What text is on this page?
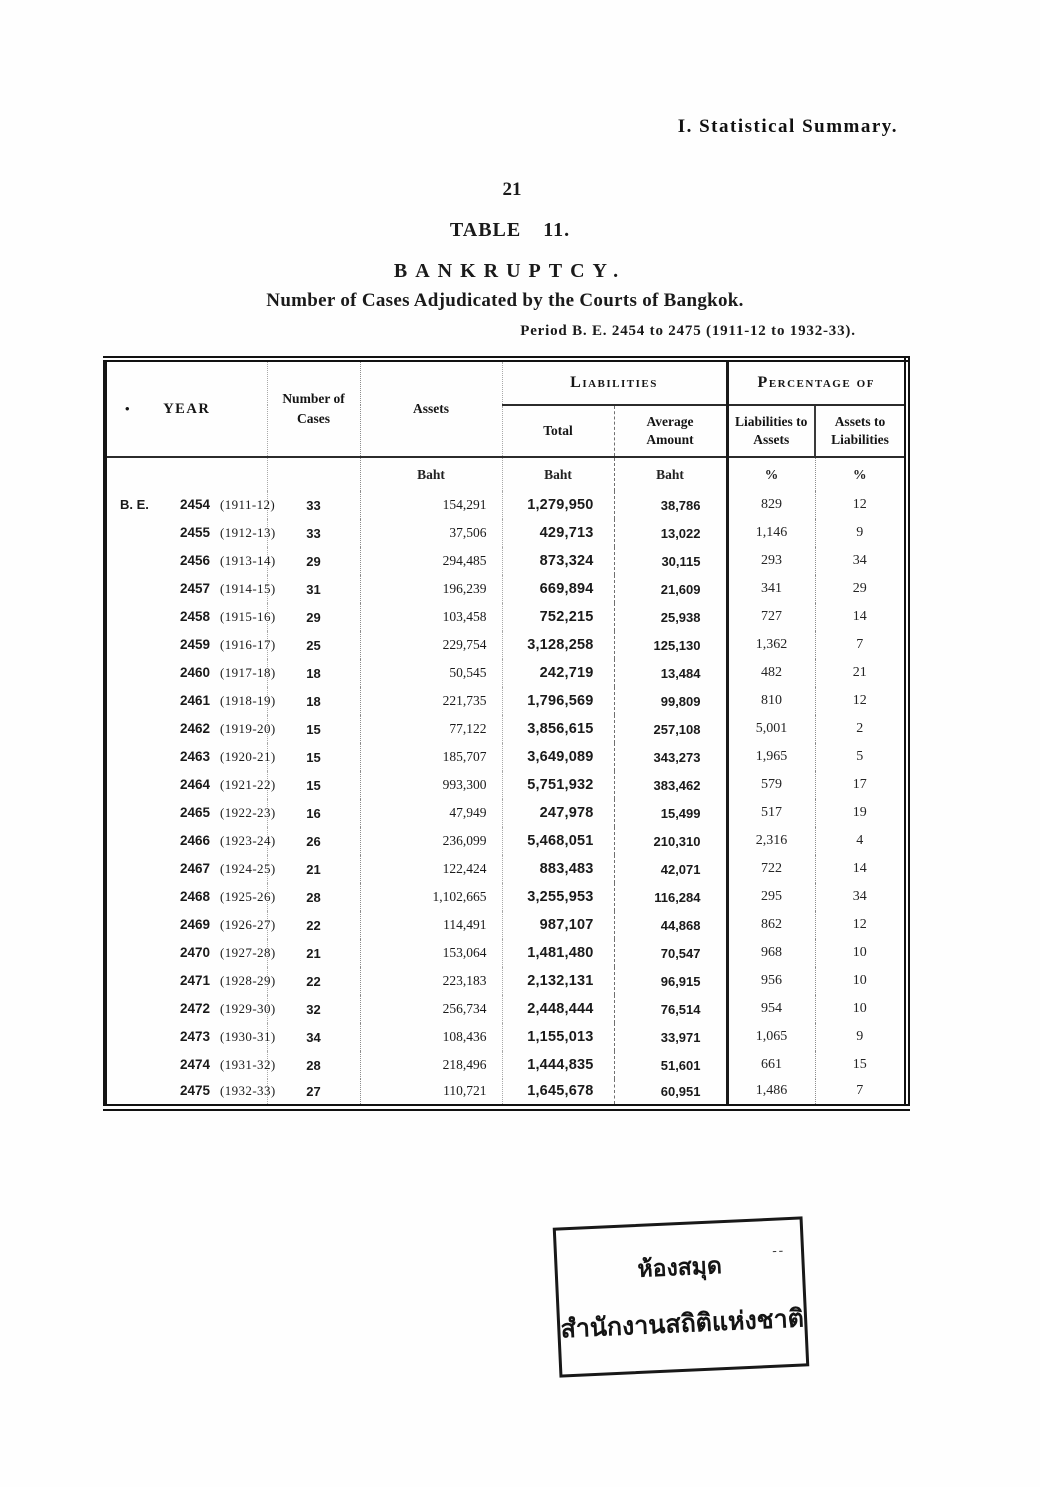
I. Statistical Summary.
21
TABLE 11.
BANKRUPTCY.
Number of Cases Adjudicated by the Courts of Bangkok.
Period B. E. 2454 to 2475 (1911-12 to 1932-33).
• YEAR	Number of Cases	Assets	Liabilities		Percentage of	
			Total	Average Amount	Liabilities to Assets	Assets to Liabilities
		Baht	Baht	Baht	%	%
B. E. 2454 (1911-12)	33	154,291	1,279,950	38,786	829	12
2455 (1912-13)	33	37,506	429,713	13,022	1,146	9
2456 (1913-14)	29	294,485	873,324	30,115	293	34
2457 (1914-15)	31	196,239	669,894	21,609	341	29
2458 (1915-16)	29	103,458	752,215	25,938	727	14
2459 (1916-17)	25	229,754	3,128,258	125,130	1,362	7
2460 (1917-18)	18	50,545	242,719	13,484	482	21
2461 (1918-19)	18	221,735	1,796,569	99,809	810	12
2462 (1919-20)	15	77,122	3,856,615	257,108	5,001	2
2463 (1920-21)	15	185,707	3,649,089	343,273	1,965	5
2464 (1921-22)	15	993,300	5,751,932	383,462	579	17
2465 (1922-23)	16	47,949	247,978	15,499	517	19
2466 (1923-24)	26	236,099	5,468,051	210,310	2,316	4
2467 (1924-25)	21	122,424	883,483	42,071	722	14
2468 (1925-26)	28	1,102,665	3,255,953	116,284	295	34
2469 (1926-27)	22	114,491	987,107	44,868	862	12
2470 (1927-28)	21	153,064	1,481,480	70,547	968	10
2471 (1928-29)	22	223,183	2,132,131	96,915	956	10
2472 (1929-30)	32	256,734	2,448,444	76,514	954	10
2473 (1930-31)	34	108,436	1,155,013	33,971	1,065	9
2474 (1931-32)	28	218,496	1,444,835	51,601	661	15
2475 (1932-33)	27	110,721	1,645,678	60,951	1,486	7
--
ห้องสมุด
สำนักงานสถิติแห่งชาติ
